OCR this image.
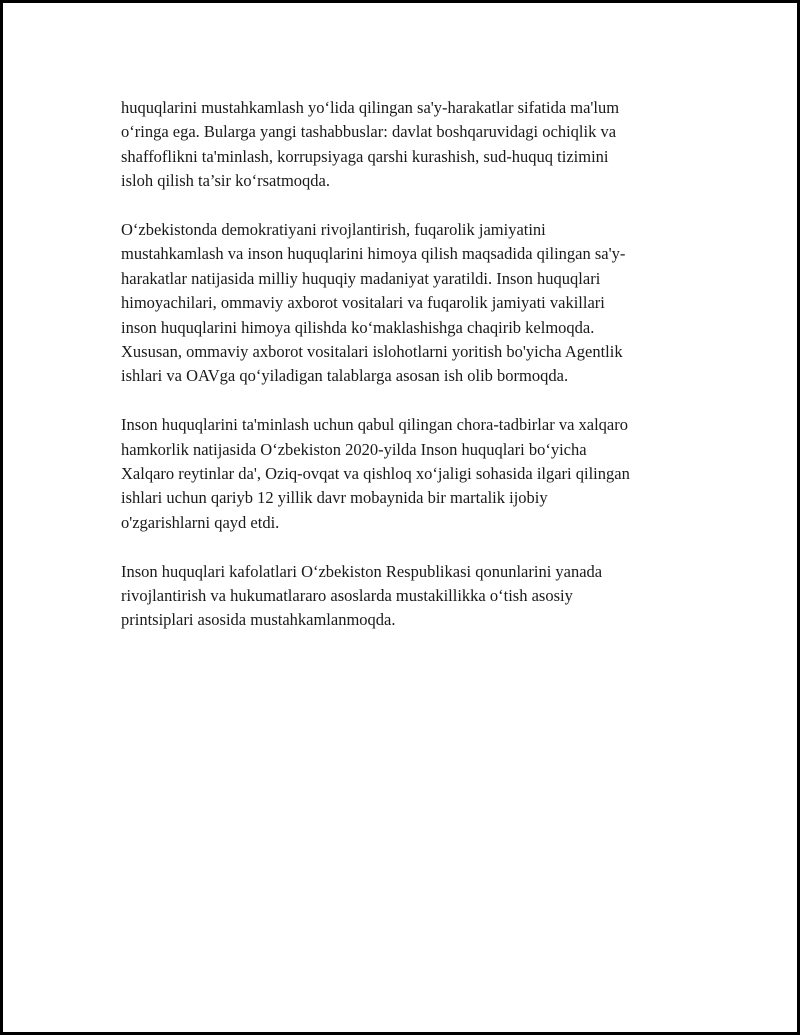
huquqlarini mustahkamlash yo‘lida qilingan sa'y-harakatlar sifatida ma'lum
o‘ringa ega. Bularga yangi tashabbuslar: davlat boshqaruvidagi ochiqlik va
shaffoflikni ta'minlash, korrupsiyaga qarshi kurashish, sud-huquq tizimini
isloh qilish ta’sir ko‘rsatmoqda.

O‘zbekistonda demokratiyani rivojlantirish, fuqarolik jamiyatini
mustahkamlash va inson huquqlarini himoya qilish maqsadida qilingan sa'y-
harakatlar natijasida milliy huquqiy madaniyat yaratildi. Inson huquqlari
himoyachilari, ommaviy axborot vositalari va fuqarolik jamiyati vakillari
inson huquqlarini himoya qilishda ko‘maklashishga chaqirib kelmoqda.
Xususan, ommaviy axborot vositalari islohotlarni yoritish bo'yicha Agentlik
ishlari va OAVga qo‘yiladigan talablarga asosan ish olib bormoqda.

Inson huquqlarini ta'minlash uchun qabul qilingan chora-tadbirlar va xalqaro
hamkorlik natijasida O‘zbekiston 2020-yilda Inson huquqlari bo‘yicha
Xalqaro reytinlar da', Oziq-ovqat va qishloq xo‘jaligi sohasida ilgari qilingan
ishlari uchun qariyb 12 yillik davr mobaynida bir martalik ijobiy
o'zgarishlarni qayd etdi.

Inson huquqlari kafolatlari O‘zbekiston Respublikasi qonunlarini yanada
rivojlantirish va hukumatlararo asoslarda mustakillikka o‘tish asosiy
printsiplari asosida mustahkamlanmoqda.
